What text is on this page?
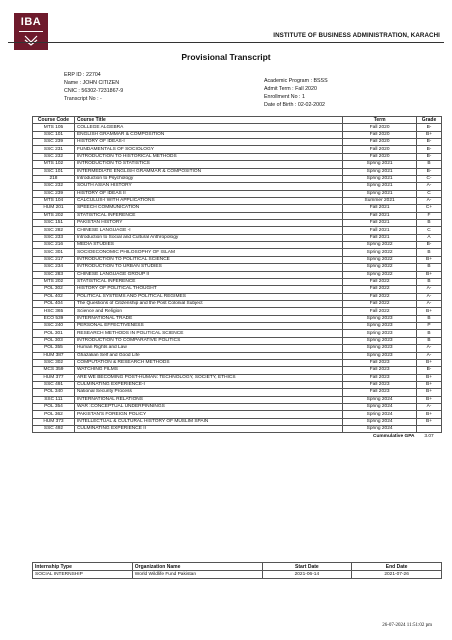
IBA
INSTITUTE OF BUSINESS ADMINISTRATION, KARACHI
Provisional Transcript
ERP ID : 22704
Name : JOHN CITIZEN
CNIC : 56302-7231867-9
Transcript No : -
Academic Program : BSSS
Admit Term : Fall 2020
Enrollment No : 1
Date of Birth : 02-02-2002
Course Code	Course Title	Term	Grade
MTS 105	COLLEGE ALGEBRA	Fall 2020	B-
SSC 101	ENGLISH GRAMMAR & COMPOSITION	Fall 2020	B+
SSC 239	HISTORY OF IDEAS-I	Fall 2020	B-
SSC 231	FUNDAMENTALS OF SOCIOLOGY	Fall 2020	B-
SSC 232	INTRODUCTION TO HISTORICAL METHODS	Fall 2020	B-
MTS 102	INTRODUCTION TO STATISTICS	Spring 2021	B
SSC 101	INTERMEDIATE ENGLISH GRAMMAR & COMPOSITION	Spring 2021	B-
218	Introduction to Psychology	Spring 2021	C-
SSC 232	SOUTH ASIAN HISTORY	Spring 2021	A-
SSC 239	HISTORY OF IDEAS II	Spring 2021	C
MTS 104	CALCULUS-I WITH APPLICATIONS	Summer 2021	A-
HUM 201	SPEECH COMMUNICATION	Fall 2021	C+
MTS 202	STATISTICAL INFERENCE	Fall 2021	F
SSC 151	PAKISTAN HISTORY	Fall 2021	B
SSC 282	CHINESE LANGUAGE -I	Fall 2021	C
SSC 233	Introduction to Social and Cultural Anthropology	Fall 2021	A
SSC 216	MEDIA STUDIES	Spring 2022	B-
SSC 301	SOCIOECONOMIC PHILOSOPHY OF ISLAM	Spring 2022	B
SSC 217	INTRODUCTION TO POLITICAL SCIENCE	Spring 2022	B+
SSC 234	INTRODUCTION TO URBAN STUDIES	Spring 2022	B
SSC 283	CHINESE LANGUAGE GROUP II	Spring 2022	B+
MTS 202	STATISTICAL INFERENCE	Fall 2022	B
POL 302	HISTORY OF POLITICAL THOUGHT	Fall 2022	A-
POL 402	POLITICAL SYSTEMS AND POLITICAL REGIMES	Fall 2022	A-
POL 404	The Questions of Citizenship and the Post Colonial Subject	Fall 2022	A-
HSC 365	Science and Religion	Fall 2022	B+
ECO 539	INTERNATIONAL TRADE	Spring 2023	B
SSC 240	PERSONAL EFFECTIVENESS	Spring 2023	P
POL 301	RESEARCH METHODS IN POLITICAL SCIENCE	Spring 2023	B
POL 303	INTRODUCTION TO COMPARATIVE POLITICS	Spring 2023	B
POL 355	Human Rights and Law	Spring 2023	A-
HUM 387	Ghazalian Self and Good Life	Spring 2023	A-
SSC 302	COMPUTATION & RESEARCH METHODS	Fall 2023	B+
MCS 359	WATCHING FILMS	Fall 2023	B-
HUM 377	ARE WE BECOMING POST-HUMAN: TECHNOLOGY, SOCIETY, ETHICS	Fall 2023	B+
SSC 491	CULMINATING EXPERIENCE-I	Fall 2023	B+
POL 340	National Security Process	Fall 2023	B+
SSC 111	INTERNATIONAL RELATIONS	Spring 2024	B+
POL 354	WAR :CONCEPTUAL UNDERPINNINGS	Spring 2024	A-
POL 362	PAKISTAN'S FOREIGN POLICY	Spring 2024	B+
HUM 373	INTELLECTUAL & CULTURAL HISTORY OF MUSLIM SPAIN	Spring 2024	B+
SSC 492	CULMINATING EXPERIENCE II	Spring 2024	
		Cummulative GPA	3.07
Internship Type	Organization Name	Start Date	End Date
SOCIAL INTERNSHIP	World Wildlife Fund Pakistan	2021-06-14	2021-07-26
26-07-2024 11:51:02 pm
